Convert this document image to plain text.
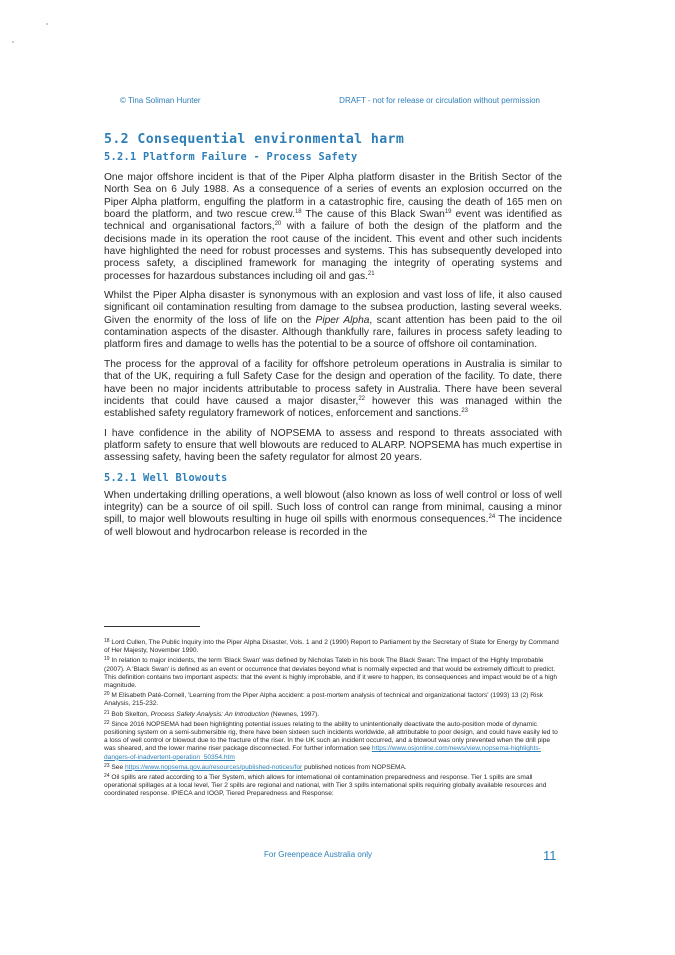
© Tina Soliman Hunter	DRAFT - not for release or circulation without permission
5.2 Consequential environmental harm
5.2.1 Platform Failure - Process Safety

One major offshore incident is that of the Piper Alpha platform disaster in the British Sector of the North Sea on 6 July 1988. As a consequence of a series of events an explosion occurred on the Piper Alpha platform, engulfing the platform in a catastrophic fire, causing the death of 165 men on board the platform, and two rescue crew.$^{18}$ The cause of this Black Swan$^{19}$ event was identified as technical and organisational factors,$^{20}$ with a failure of both the design of the platform and the decisions made in its operation the root cause of the incident. This event and other such incidents have highlighted the need for robust processes and systems. This has subsequently developed into process safety, a disciplined framework for managing the integrity of operating systems and processes for hazardous substances including oil and gas.$^{21}$

Whilst the Piper Alpha disaster is synonymous with an explosion and vast loss of life, it also caused significant oil contamination resulting from damage to the subsea production, lasting several weeks. Given the enormity of the loss of life on the Piper Alpha, scant attention has been paid to the oil contamination aspects of the disaster. Although thankfully rare, failures in process safety leading to platform fires and damage to wells has the potential to be a source of offshore oil contamination.

The process for the approval of a facility for offshore petroleum operations in Australia is similar to that of the UK, requiring a full Safety Case for the design and operation of the facility. To date, there have been no major incidents attributable to process safety in Australia. There have been several incidents that could have caused a major disaster,$^{22}$ however this was managed within the established safety regulatory framework of notices, enforcement and sanctions.$^{23}$

I have confidence in the ability of NOPSEMA to assess and respond to threats associated with platform safety to ensure that well blowouts are reduced to ALARP. NOPSEMA has much expertise in assessing safety, having been the safety regulator for almost 20 years.

5.2.1 Well Blowouts

When undertaking drilling operations, a well blowout (also known as loss of well control or loss of well integrity) can be a source of oil spill. Such loss of control can range from minimal, causing a minor spill, to major well blowouts resulting in huge oil spills with enormous consequences.$^{24}$ The incidence of well blowout and hydrocarbon release is recorded in the

$^{18}$ Lord Cullen, The Public Inquiry into the Piper Alpha Disaster, Vols. 1 and 2 (1990) Report to Parliament by the Secretary of State for Energy by Command of Her Majesty, November 1990.

$^{19}$ In relation to major incidents, the term 'Black Swan' was defined by Nicholas Taleb in his book The Black Swan: The Impact of the Highly Improbable (2007). A 'Black Swan' is defined as an event or occurrence that deviates beyond what is normally expected and that would be extremely difficult to predict. This definition contains two important aspects: that the event is highly improbable, and if it were to happen, its consequences and impact would be of a high magnitude.

$^{20}$ M Elisabeth Paté-Cornell, 'Learning from the Piper Alpha accident: a post-mortem analysis of technical and organizational factors' (1993) 13 (2) Risk Analysis, 215-232.

$^{21}$ Bob Skelton, Process Safety Analysis: An Introduction (Newnes, 1997).

$^{22}$ Since 2016 NOPSEMA had been highlighting potential issues relating to the ability to unintentionally deactivate the auto-position mode of dynamic positioning system on a semi-submersible rig, there have been sixteen such incidents worldwide, all attributable to poor design, and could have easily led to a loss of well control or blowout due to the fracture of the riser. In the UK such an incident occurred, and a blowout was only prevented when the drill pipe was sheared, and the lower marine riser package disconnected. For further information see https://www.osjonline.com/news/view,nopsema-highlights-dangers-of-inadvertent-operation_50354.htm

$^{23}$ See https://www.nopsema.gov.au/resources/published-notices/for published notices from NOPSEMA.

$^{24}$ Oil spills are rated according to a Tier System, which allows for international oil contamination preparedness and response. Tier 1 spills are small operational spillages at a local level, Tier 2 spills are regional and national, with Tier 3 spills international spills requiring globally available resources and coordinated response. IPIECA and IOGP, Tiered Preparedness and Response:

For Greenpeace Australia only	11
